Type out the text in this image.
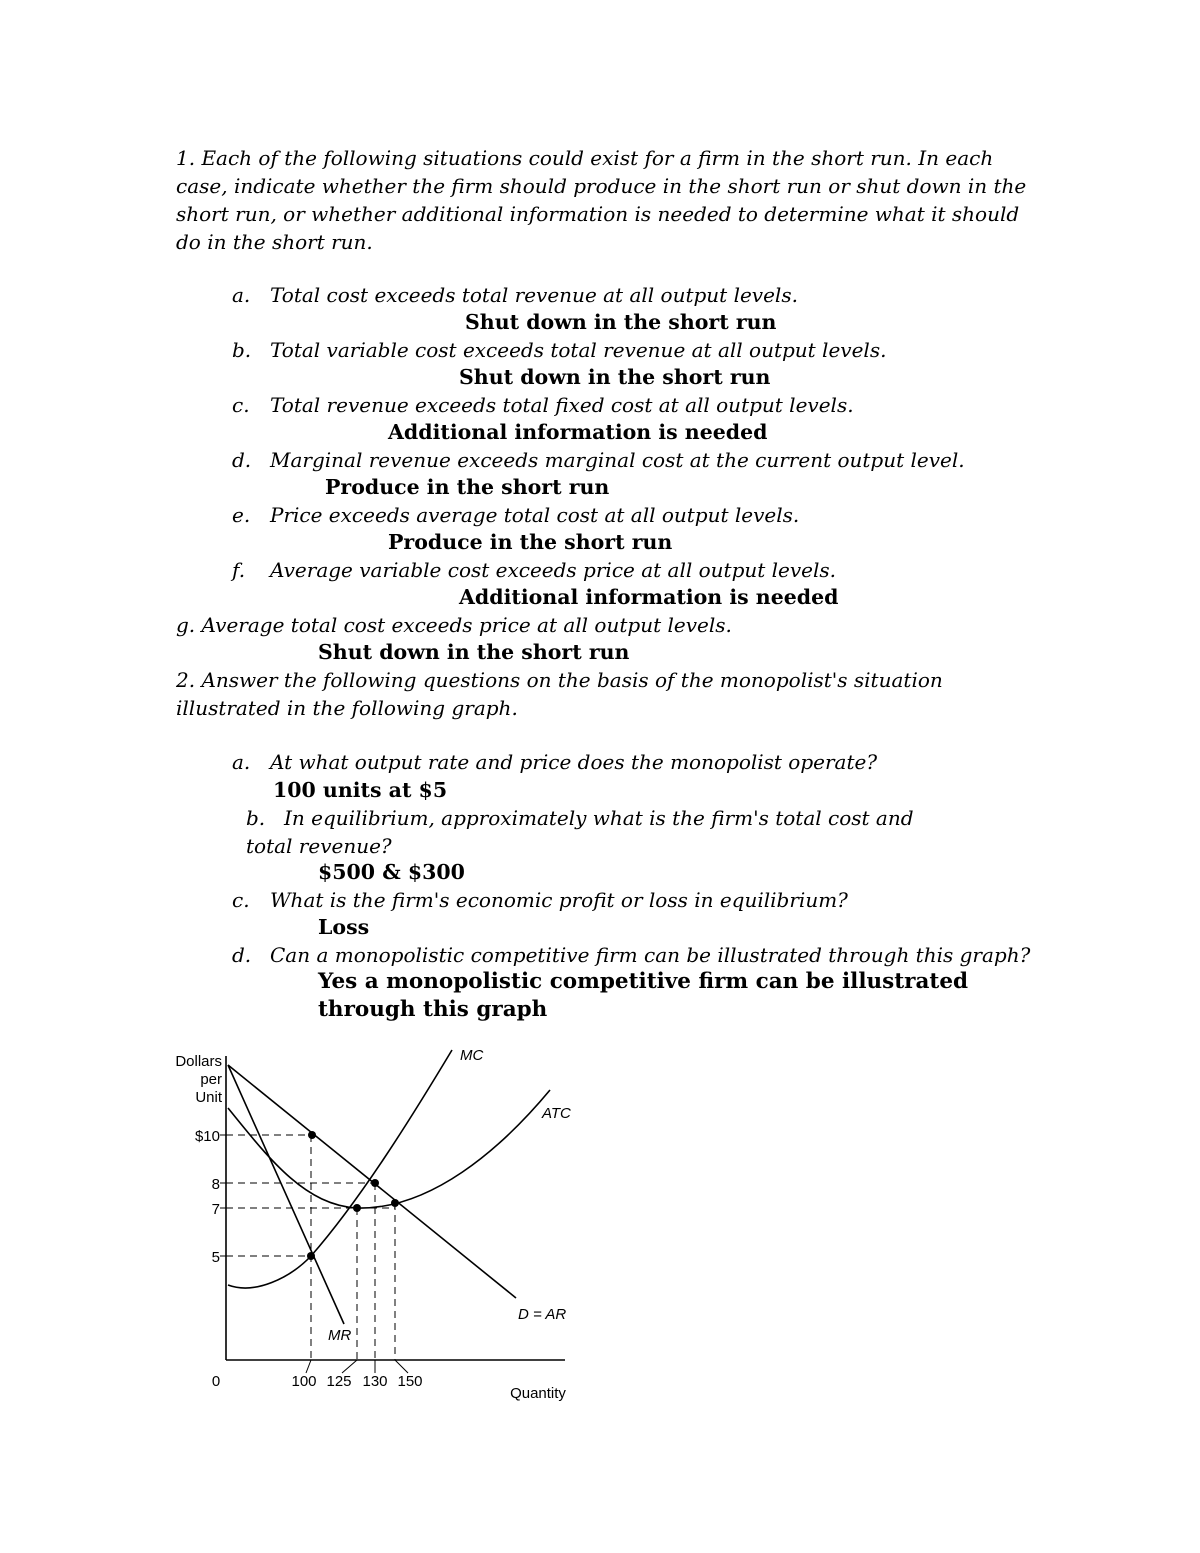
1. Each of the following situations could exist for a firm in the short run. In each case, indicate whether the firm should produce in the short run or shut down in the short run, or whether additional information is needed to determine what it should do in the short run.

a. Total cost exceeds total revenue at all output levels.
Shut down in the short run
b. Total variable cost exceeds total revenue at all output levels.
Shut down in the short run
c. Total revenue exceeds total fixed cost at all output levels.
Additional information is needed
d. Marginal revenue exceeds marginal cost at the current output level.
Produce in the short run
e. Price exceeds average total cost at all output levels.
Produce in the short run
f. Average variable cost exceeds price at all output levels.
Additional information is needed
g. Average total cost exceeds price at all output levels.
Shut down in the short run

2. Answer the following questions on the basis of the monopolist's situation illustrated in the following graph.

a. At what output rate and price does the monopolist operate?
100 units at $5
b. In equilibrium, approximately what is the firm's total cost and total revenue?
$500 & $300
c. What is the firm's economic profit or loss in equilibrium?
Loss
d. Can a monopolistic competitive firm can be illustrated through this graph?
Yes a monopolistic competitive firm can be illustrated through this graph
Dollars
per
Unit
$10
8
7
5
MC
ATC
D = AR
MR
0	100 125 130 150
Quantity
